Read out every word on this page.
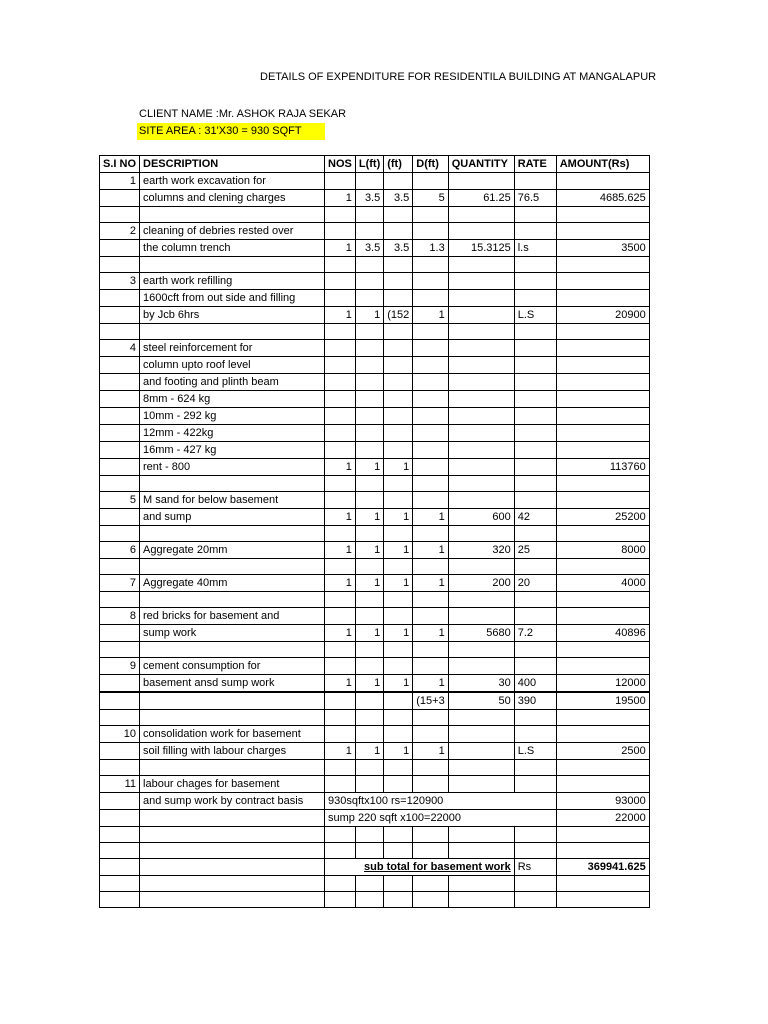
DETAILS OF EXPENDITURE FOR RESIDENTILA BUILDING AT MANGALAPUR
CLIENT NAME :Mr. ASHOK RAJA SEKAR
SITE AREA : 31'X30 = 930 SQFT
S.I NO	DESCRIPTION	NOS	L(ft)	(ft)	D(ft)	QUANTITY	RATE	AMOUNT(Rs)
1	earth work excavation for							
	columns and clening charges	1	3.5	3.5	5	61.25	76.5	4685.625

2	cleaning of debries rested over							
	the column trench	1	3.5	3.5	1.3	15.3125	l.s	3500

3	earth work refilling							
	1600cft from out side and filling							
	by Jcb 6hrs	1	1	(152	1		L.S	20900

4	steel reinforcement for							
	column upto roof level							
	and footing and plinth beam							
	8mm - 624 kg							
	10mm - 292 kg							
	12mm - 422kg							
	16mm - 427 kg							
	rent - 800	1	1	1				113760

5	M sand for below basement							
	and sump	1	1	1	1	600	42	25200

6	Aggregate 20mm	1	1	1	1	320	25	8000

7	Aggregate 40mm	1	1	1	1	200	20	4000

8	red bricks for basement and							
	sump work	1	1	1	1	5680	7.2	40896

9	cement consumption for							
	basement ansd sump work	1	1	1	1	30	400	12000
					(15+3	50	390	19500

10	consolidation work for basement							
	soil filling with labour charges	1	1	1	1		L.S	2500

11	labour chages for basement							
	and sump work by contract basis	930sqftx100 rs=120900						93000
		sump 220 sqft x100=22000						22000

		sub total for basement work					Rs	369941.625
